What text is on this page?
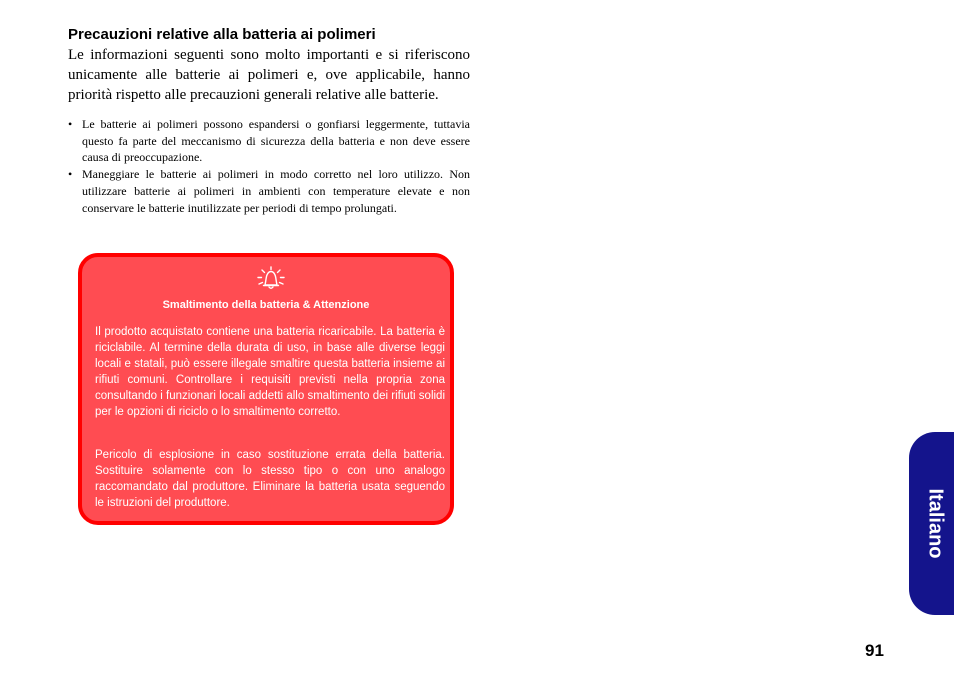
Precauzioni relative alla batteria ai polimeri

Le informazioni seguenti sono molto importanti e si riferiscono unicamente alle batterie ai polimeri e, ove applicabile, hanno priorità rispetto alle precauzioni generali relative alle batterie.

• Le batterie ai polimeri possono espandersi o gonfiarsi leggermente, tuttavia questo fa parte del meccanismo di sicurezza della batteria e non deve essere causa di preoccupazione.
• Maneggiare le batterie ai polimeri in modo corretto nel loro utilizzo. Non utilizzare batterie ai polimeri in ambienti con temperature elevate e non conservare le batterie inutilizzate per periodi di tempo prolungati.

Smaltimento della batteria & Attenzione

Il prodotto acquistato contiene una batteria ricaricabile. La batteria è riciclabile. Al termine della durata di uso, in base alle diverse leggi locali e statali, può essere illegale smaltire questa batteria insieme ai rifiuti comuni. Controllare i requisiti previsti nella propria zona consultando i funzionari locali addetti allo smaltimento dei rifiuti solidi per le opzioni di riciclo o lo smaltimento corretto.

Pericolo di esplosione in caso sostituzione errata della batteria. Sostituire solamente con lo stesso tipo o con uno analogo raccomandato dal produttore. Eliminare la batteria usata seguendo le istruzioni del produttore.	Italiano
91
